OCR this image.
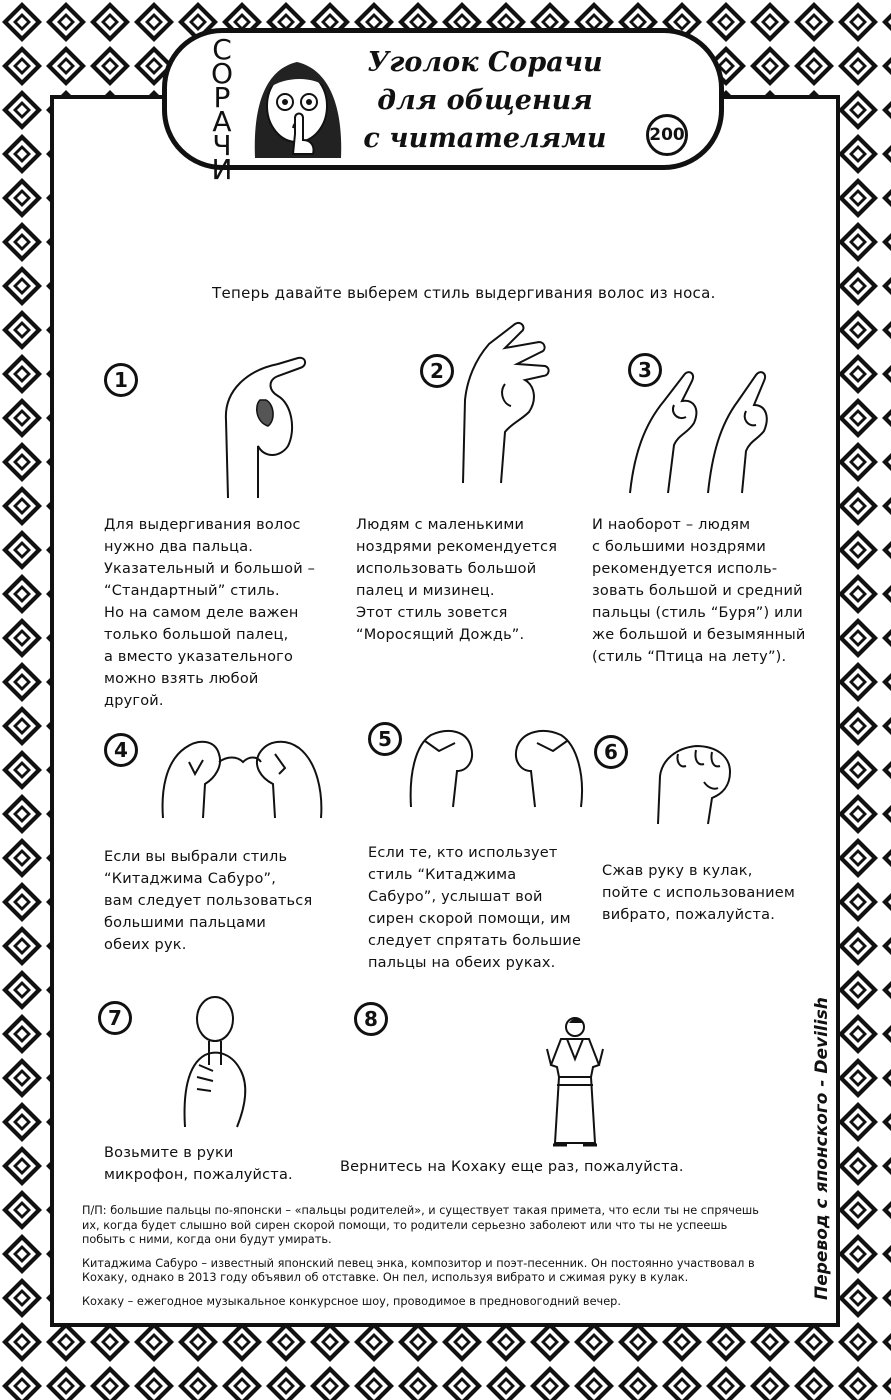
С
О
Р
А
Ч
И
Уголок Сорачи
для общения
с читателями	200
Теперь давайте выберем стиль выдергивания волос из носа.
1
Для выдергивания волос
нужно два пальца.
Указательный и большой –
“Стандартный” стиль.
Но на самом деле важен
только большой палец,
а вместо указательного
можно взять любой
другой.
2
Людям с маленькими
ноздрями рекомендуется
использовать большой
палец и мизинец.
Этот стиль зовется
“Моросящий Дождь”.
3
И наоборот – людям
с большими ноздрями
рекомендуется исполь-
зовать большой и средний
пальцы (стиль “Буря”) или
же большой и безымянный
(стиль “Птица на лету”).
4
Если вы выбрали стиль
“Китаджима Сабуро”,
вам следует пользоваться
большими пальцами
обеих рук.
5
Если те, кто использует
стиль “Китаджима
Сабуро”, услышат вой
сирен скорой помощи, им
следует спрятать большие
пальцы на обеих руках.
6
Сжав руку в кулак,
пойте с использованием
вибрато, пожалуйста.
7
Возьмите в руки
микрофон, пожалуйста.
8
Вернитесь на Кохаку еще раз, пожалуйста.

П/П: большие пальцы по-японски – «пальцы родителей», и существует такая примета, что если ты не спрячешь их, когда будет слышно вой сирен скорой помощи, то родители серьезно заболеют или что ты не успеешь побыть с ними, когда они будут умирать.

Китаджима Сабуро – известный японский певец энка, композитор и поэт-песенник. Он постоянно участвовал в Кохаку, однако в 2013 году объявил об отставке. Он пел, используя вибрато и сжимая руку в кулак.

Кохаку – ежегодное музыкальное конкурсное шоу, проводимое в предновогодний вечер.

Перевод с японского - Devilish
